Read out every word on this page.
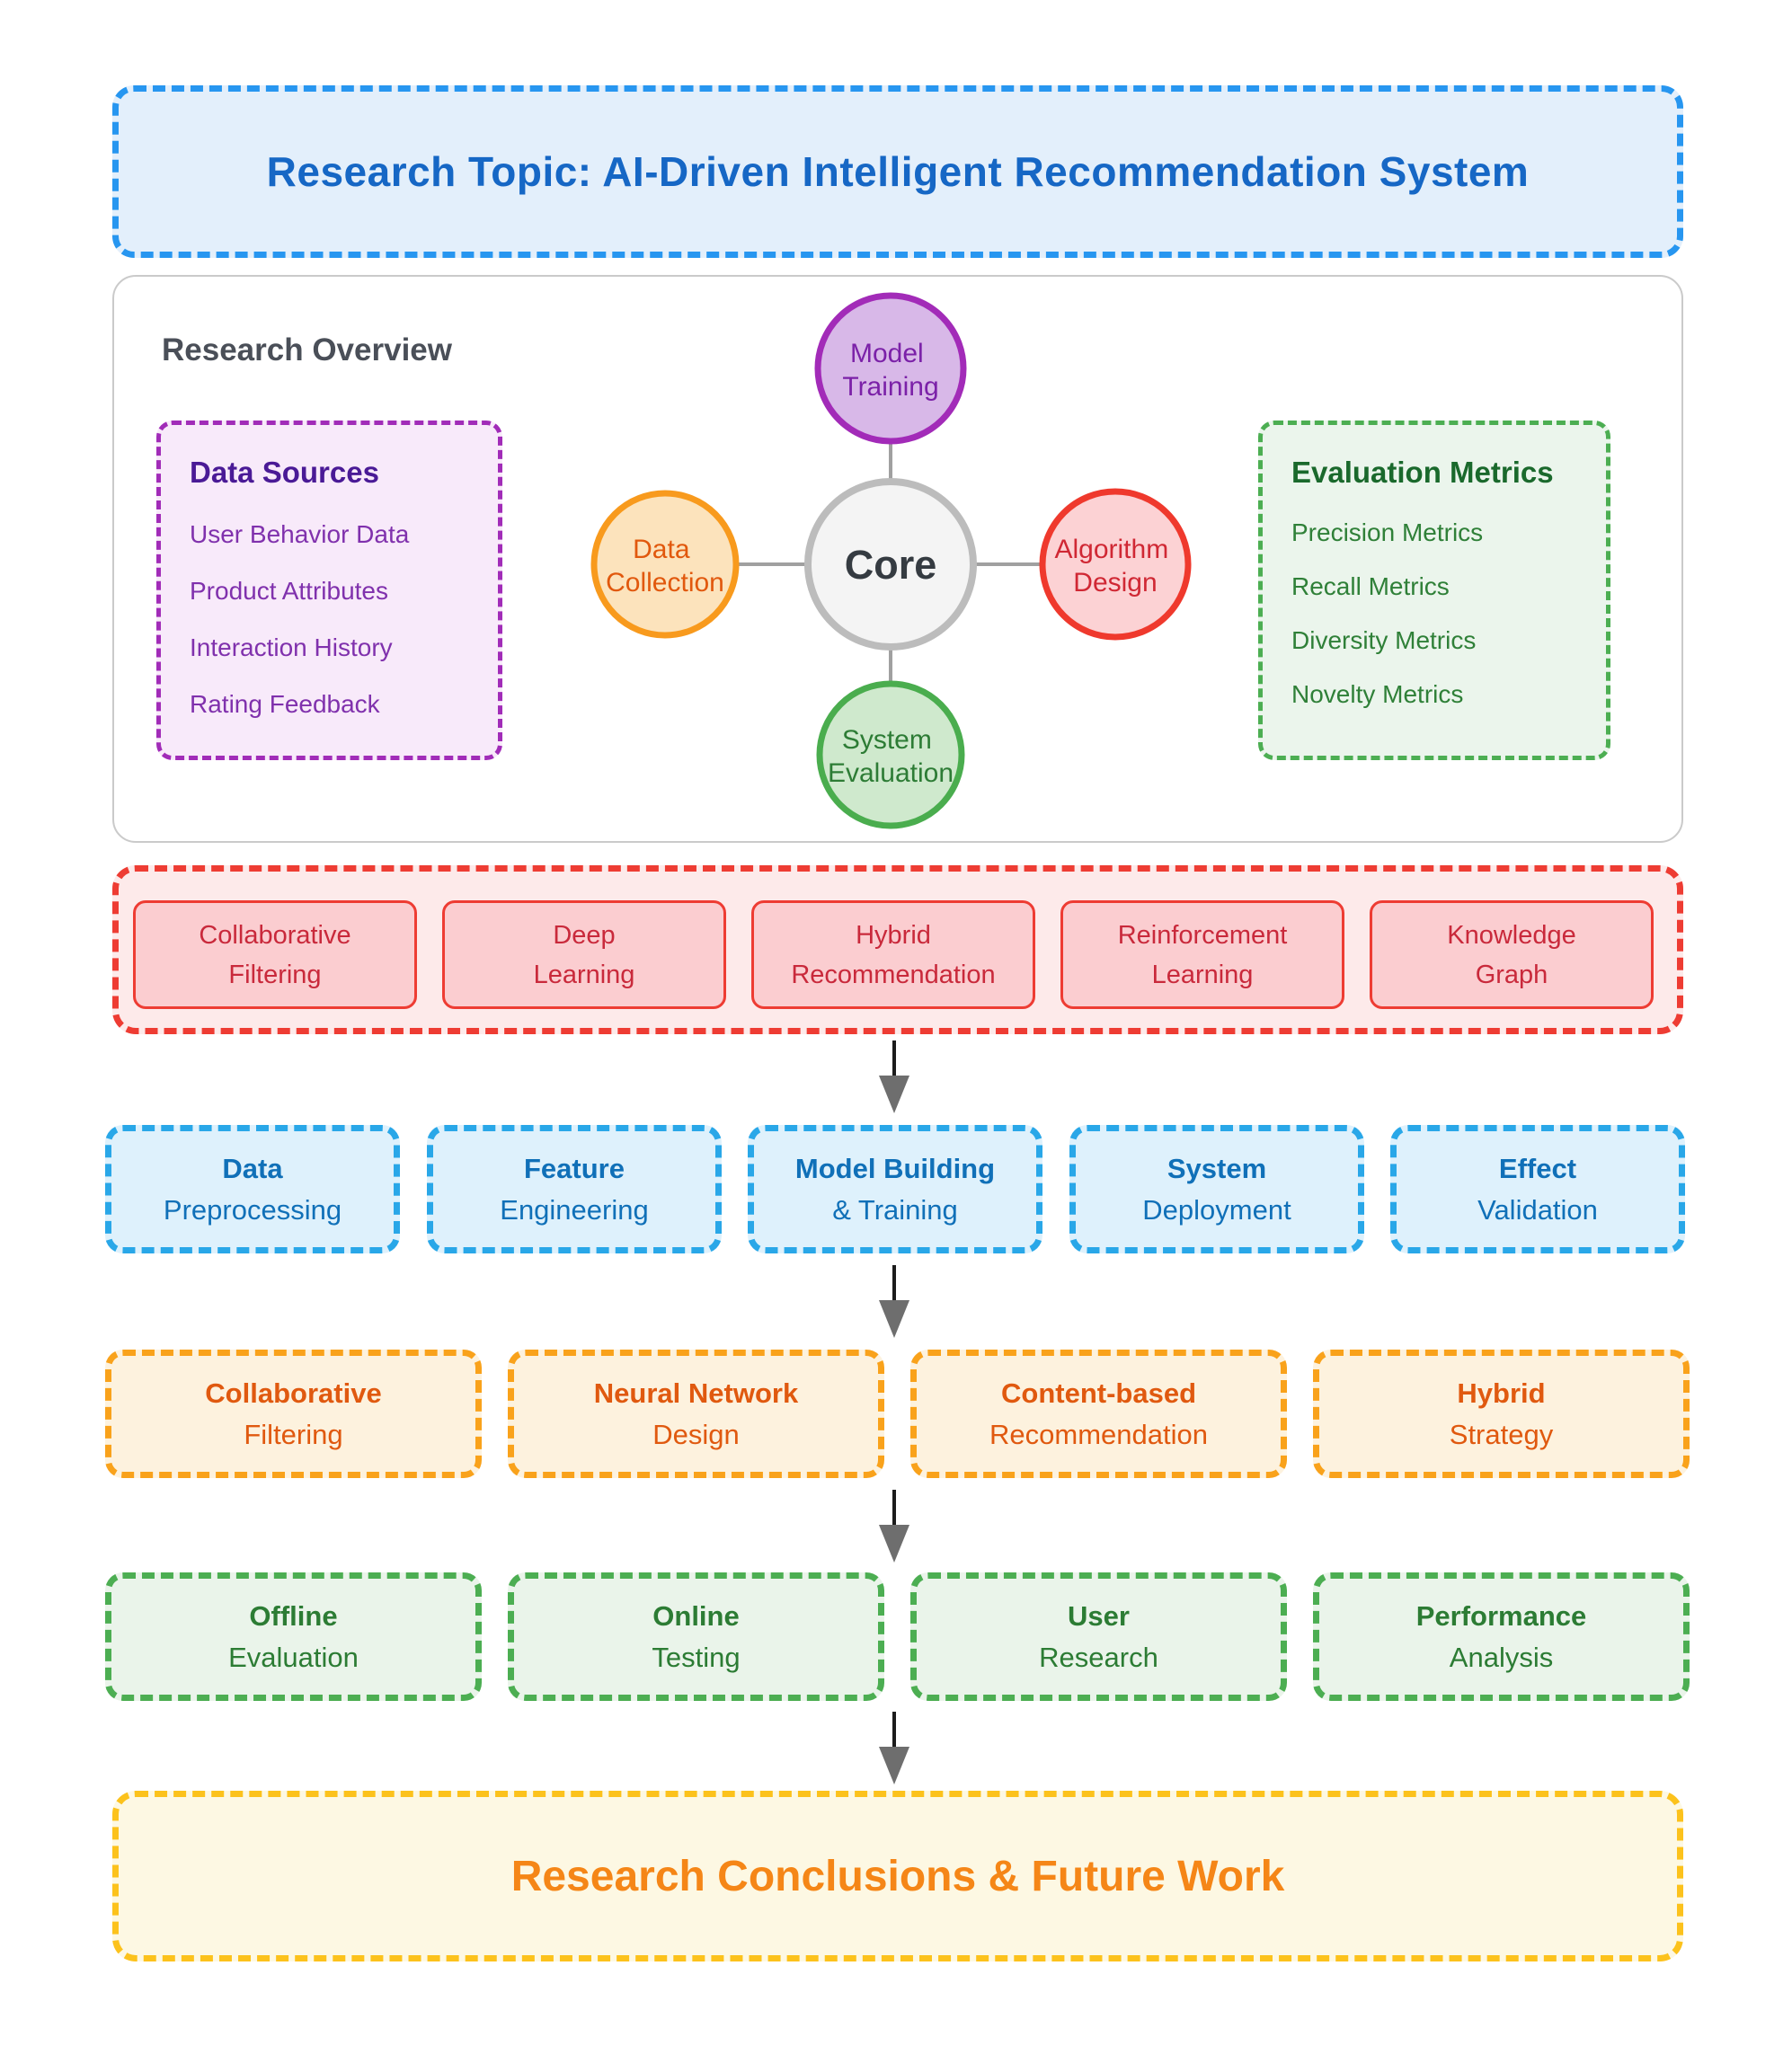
Research Topic: AI-Driven Intelligent Recommendation System
Research Overview
Data Sources
User Behavior Data
Product Attributes
Interaction History
Rating Feedback
Evaluation Metrics
Precision Metrics
Recall Metrics
Diversity Metrics
Novelty Metrics
Model Training
Data Collection	Core	Algorithm Design
System Evaluation
Collaborative
Filtering
Deep
Learning
Hybrid
Recommendation
Reinforcement
Learning
Knowledge
Graph
Data
Preprocessing
Feature
Engineering
Model Building
& Training
System
Deployment
Effect
Validation
Collaborative
Filtering
Neural Network
Design
Content-based
Recommendation
Hybrid
Strategy
Offline
Evaluation
Online
Testing
User
Research
Performance
Analysis
Research Conclusions & Future Work
